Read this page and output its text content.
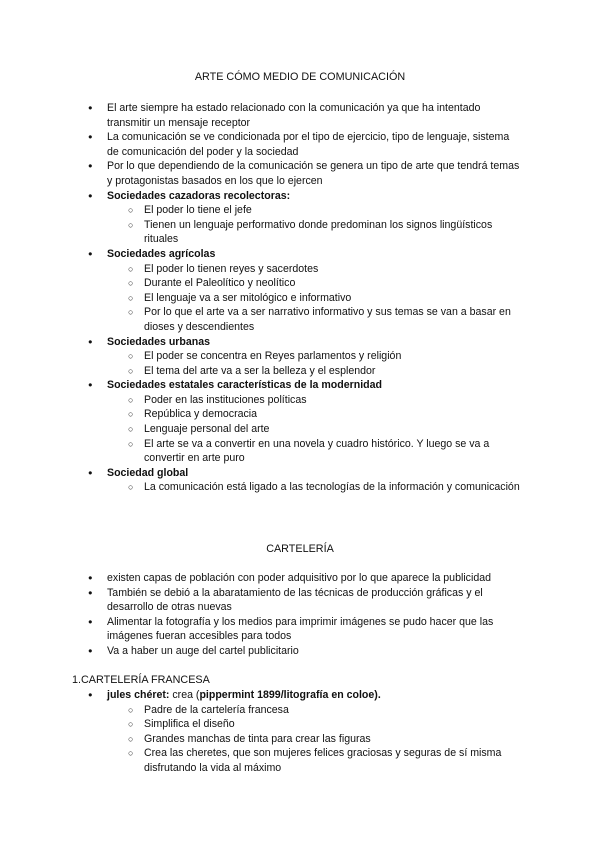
ARTE CÓMO MEDIO DE COMUNICACIÓN
● El arte siempre ha estado relacionado con la comunicación ya que ha intentado transmitir un mensaje receptor
● La comunicación se ve condicionada por el tipo de ejercicio, tipo de lenguaje, sistema de comunicación del poder y la sociedad
● Por lo que dependiendo de la comunicación se genera un tipo de arte que tendrá temas y protagonistas basados en los que lo ejercen
● Sociedades cazadoras recolectoras:
○ El poder lo tiene el jefe
○ Tienen un lenguaje performativo donde predominan los signos lingüísticos rituales
● Sociedades agrícolas
○ El poder lo tienen reyes y sacerdotes
○ Durante el Paleolítico y neolítico
○ El lenguaje va a ser mitológico e informativo
○ Por lo que el arte va a ser narrativo informativo y sus temas se van a basar en dioses y descendientes
● Sociedades urbanas
○ El poder se concentra en Reyes parlamentos y religión
○ El tema del arte va a ser la belleza y el esplendor
● Sociedades estatales características de la modernidad
○ Poder en las instituciones políticas
○ República y democracia
○ Lenguaje personal del arte
○ El arte se va a convertir en una novela y cuadro histórico. Y luego se va a convertir en arte puro
● Sociedad global
○ La comunicación está ligado a las tecnologías de la información y comunicación
CARTELERÍA
● existen capas de población con poder adquisitivo por lo que aparece la publicidad
● También se debió a la abaratamiento de las técnicas de producción gráficas y el desarrollo de otras nuevas
● Alimentar la fotografía y los medios para imprimir imágenes se pudo hacer que las imágenes fueran accesibles para todos
● Va a haber un auge del cartel publicitario
1.CARTELERÍA FRANCESA
● jules chéret: crea (pippermint 1899/litografía en coloe).
○ Padre de la cartelería francesa
○ Simplifica el diseño
○ Grandes manchas de tinta para crear las figuras
○ Crea las cheretes, que son mujeres felices graciosas y seguras de sí misma disfrutando la vida al máximo
